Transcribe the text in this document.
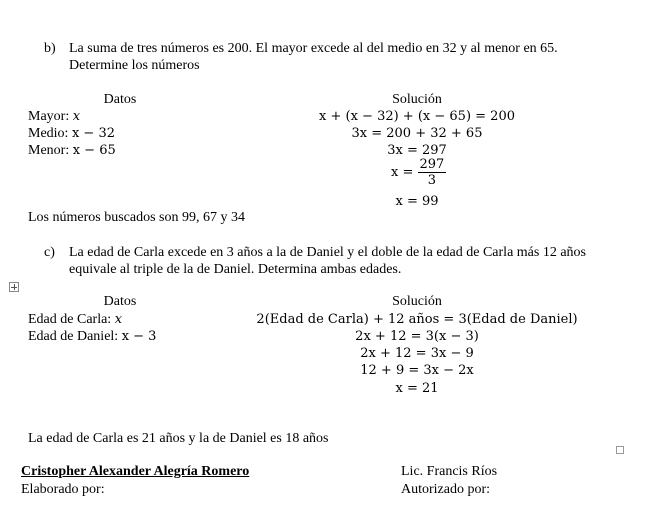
b) La suma de tres números es 200. El mayor excede al del medio en 32 y al menor en 65.
Determine los números
Datos	Solución
Mayor: x
Medio: x − 32
Menor: x − 65
x + (x − 32) + (x − 65) = 200
3x = 200 + 32 + 65
3x = 297
$x = \frac{297}{3}$
x = 99
Los números buscados son 99, 67 y 34
c) La edad de Carla excede en 3 años a la de Daniel y el doble de la edad de Carla más 12 años
equivale al triple de la de Daniel. Determina ambas edades.
Datos	Solución
Edad de Carla: x
Edad de Daniel: x − 3
2(Edad de Carla) + 12 años = 3(Edad de Daniel)
2x + 12 = 3(x − 3)
2x + 12 = 3x − 9
12 + 9 = 3x − 2x
x = 21
La edad de Carla es 21 años y la de Daniel es 18 años
Cristopher Alexander Alegría Romero
Elaborado por:
Lic. Francis Ríos
Autorizado por:
